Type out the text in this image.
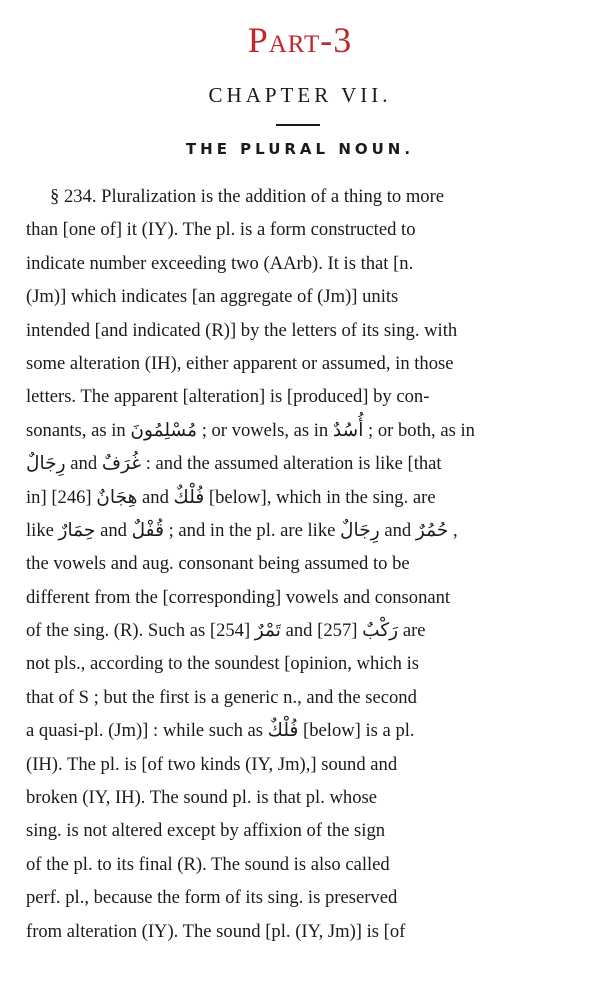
Part-3
CHAPTER VII.
THE PLURAL NOUN.
§ 234. Pluralization is the addition of a thing to more
than [one of] it (IY). The pl. is a form constructed to
indicate number exceeding two (AArb). It is that [n.
(Jm)] which indicates [an aggregate of (Jm)] units
intended [and indicated (R)] by the letters of its sing. with
some alteration (IH), either apparent or assumed, in those
letters. The apparent [alteration] is [produced] by con-
sonants, as in مُسْلِمُونَ ; or vowels, as in أُسُدٌ ; or both, as in
رِجَالٌ and غُرَفٌ : and the assumed alteration is like [that
in] هِجَانٌ [246] and فُلْكٌ [below], which in the sing. are
like حِمَارٌ and قُفْلٌ ; and in the pl. are like رِجَالٌ and حُمُرٌ ,
the vowels and aug. consonant being assumed to be
different from the [corresponding] vowels and consonant
of the sing. (R). Such as تَمْرٌ [254] and رَكْبٌ [257] are
not pls., according to the soundest [opinion, which is
that of S ; but the first is a generic n., and the second
a quasi-pl. (Jm)] : while such as فُلْكٌ [below] is a pl.
(IH). The pl. is [of two kinds (IY, Jm),] sound and
broken (IY, IH). The sound pl. is that pl. whose
sing. is not altered except by affixion of the sign
of the pl. to its final (R). The sound is also called
perf. pl., because the form of its sing. is preserved
from alteration (IY). The sound [pl. (IY, Jm)] is [of
